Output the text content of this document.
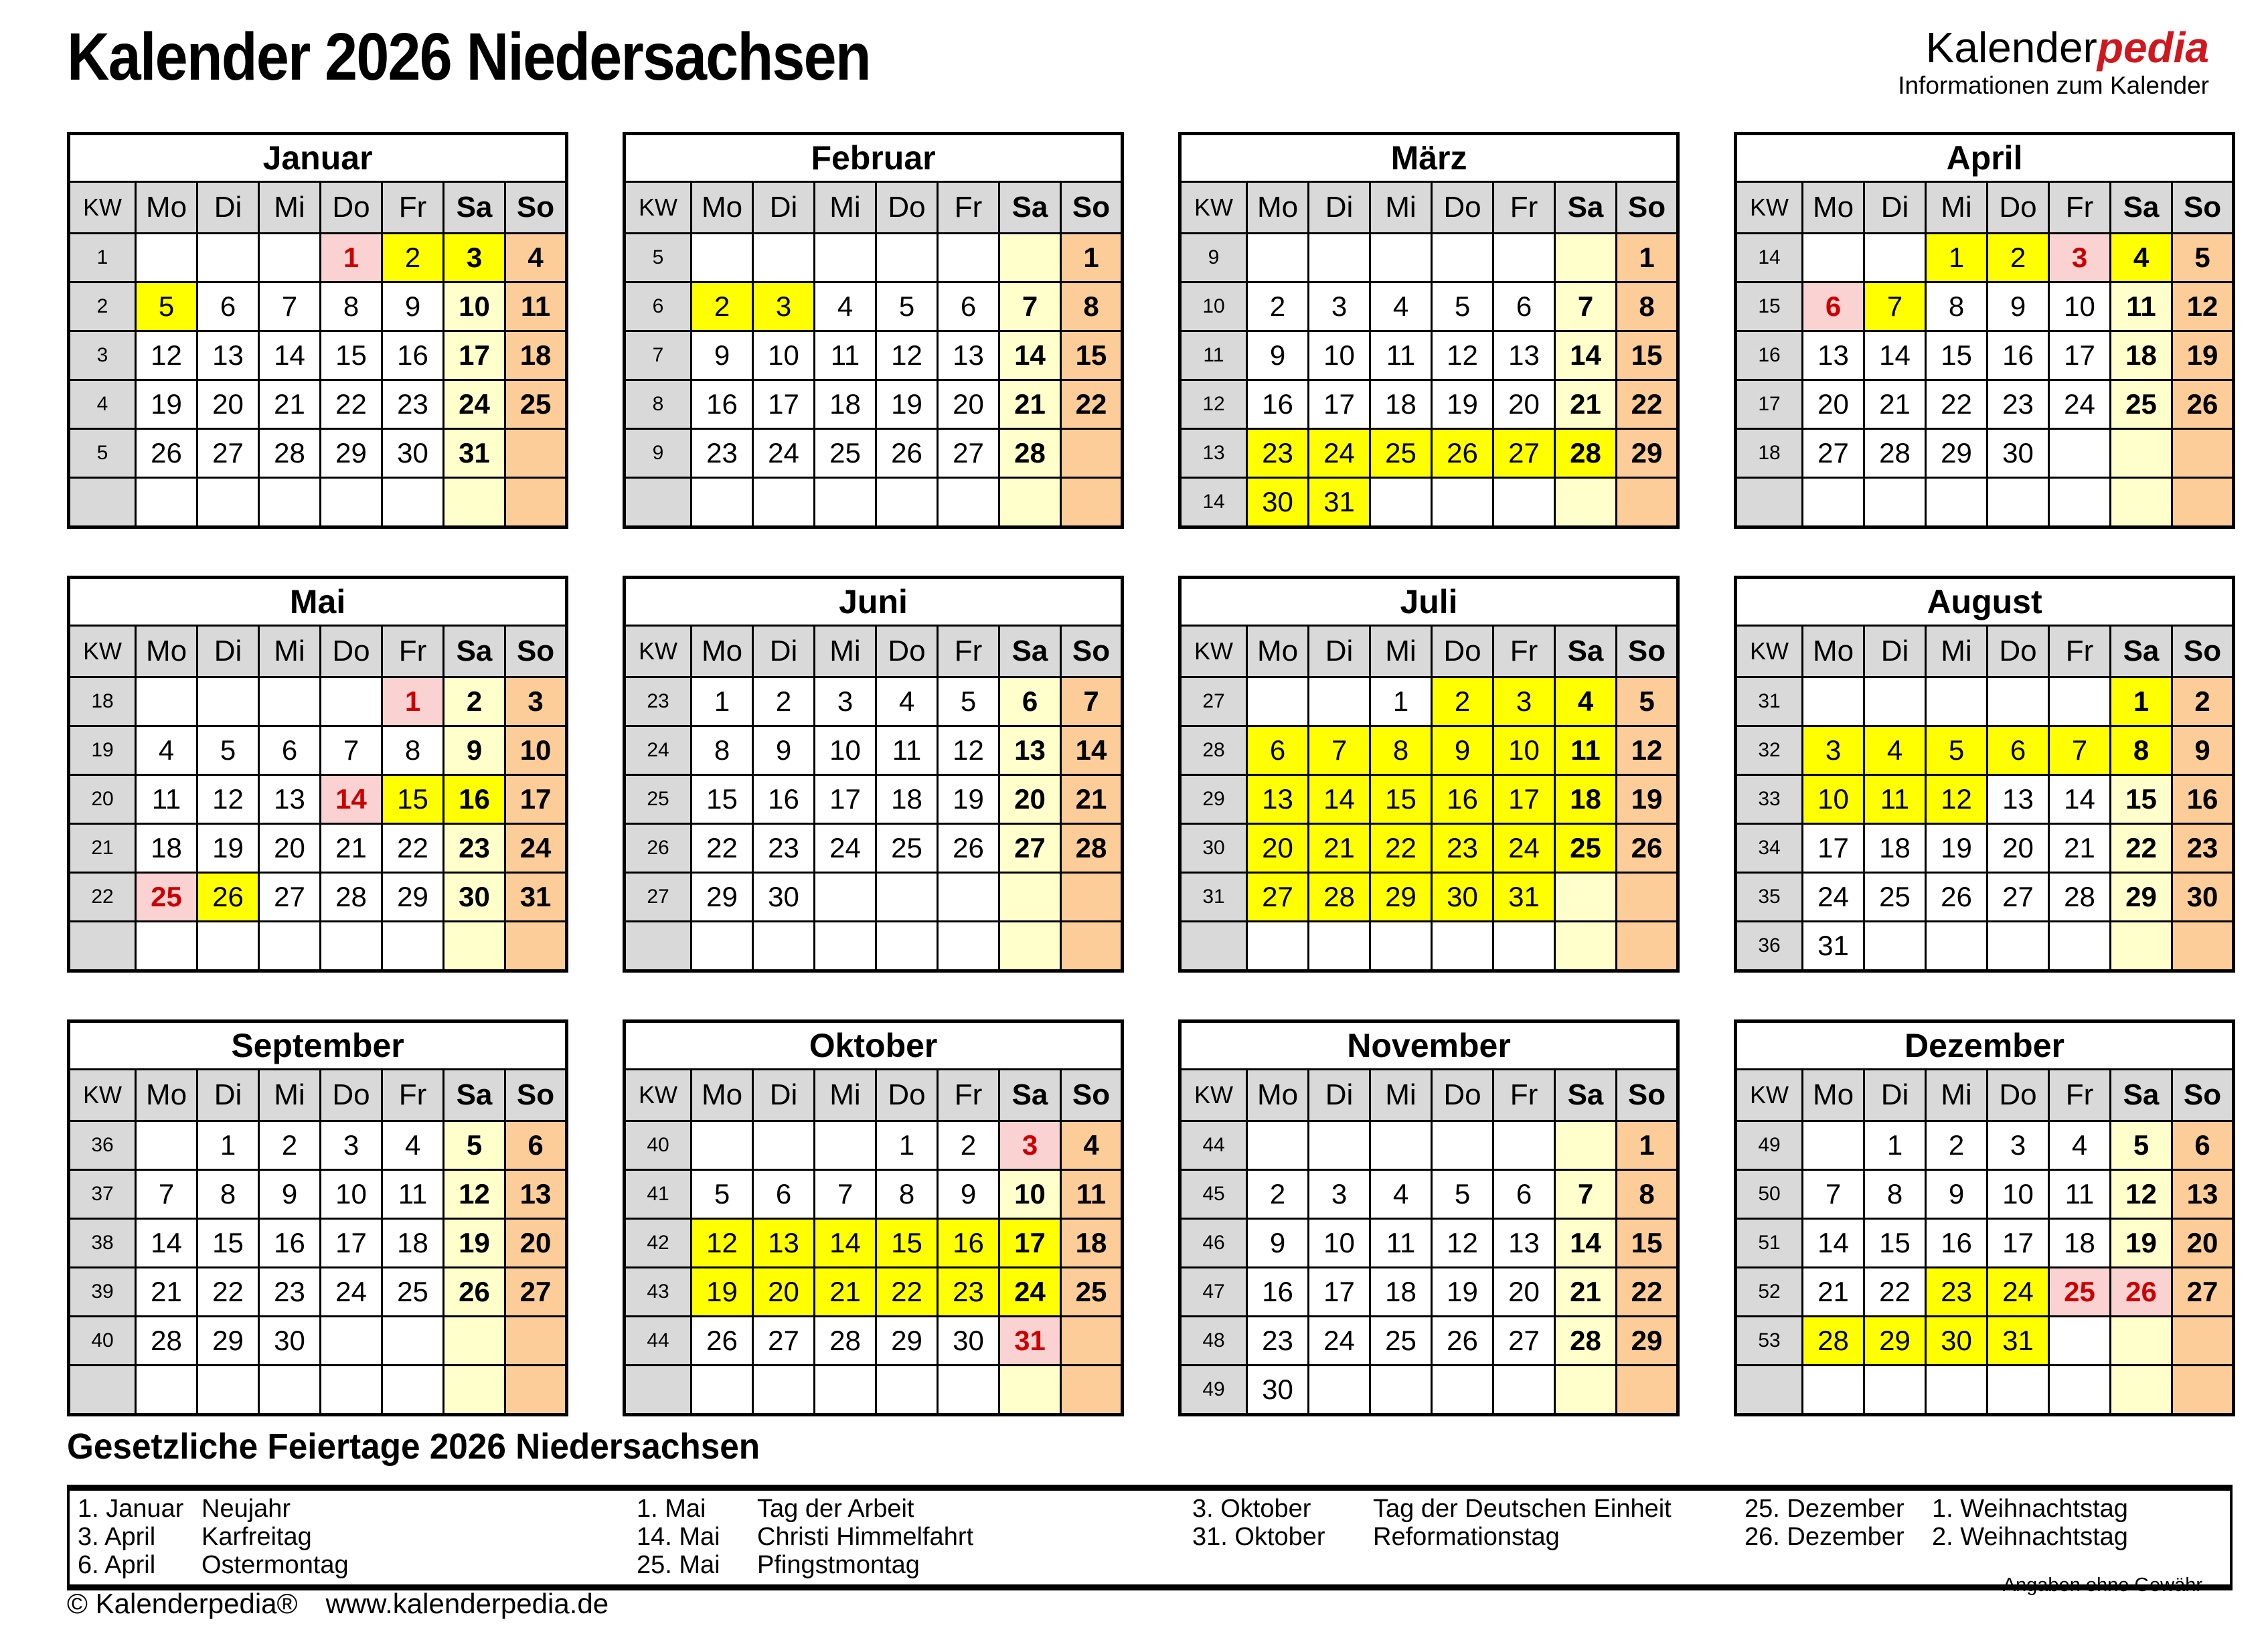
Kalender 2026 Niedersachsen	Kalenderpedia
Informationen zum Kalender
Januar							
KW	Mo	Di	Mi	Do	Fr	Sa	So
1				1	2	3	4
2	5	6	7	8	9	10	11
3	12	13	14	15	16	17	18
4	19	20	21	22	23	24	25
5	26	27	28	29	30	31	

Februar							
KW	Mo	Di	Mi	Do	Fr	Sa	So
5							1
6	2	3	4	5	6	7	8
7	9	10	11	12	13	14	15
8	16	17	18	19	20	21	22
9	23	24	25	26	27	28	

März							
KW	Mo	Di	Mi	Do	Fr	Sa	So
9							1
10	2	3	4	5	6	7	8
11	9	10	11	12	13	14	15
12	16	17	18	19	20	21	22
13	23	24	25	26	27	28	29
14	30	31					
April							
KW	Mo	Di	Mi	Do	Fr	Sa	So
14			1	2	3	4	5
15	6	7	8	9	10	11	12
16	13	14	15	16	17	18	19
17	20	21	22	23	24	25	26
18	27	28	29	30			

Mai							
KW	Mo	Di	Mi	Do	Fr	Sa	So
18					1	2	3
19	4	5	6	7	8	9	10
20	11	12	13	14	15	16	17
21	18	19	20	21	22	23	24
22	25	26	27	28	29	30	31

Juni							
KW	Mo	Di	Mi	Do	Fr	Sa	So
23	1	2	3	4	5	6	7
24	8	9	10	11	12	13	14
25	15	16	17	18	19	20	21
26	22	23	24	25	26	27	28
27	29	30					

Juli							
KW	Mo	Di	Mi	Do	Fr	Sa	So
27			1	2	3	4	5
28	6	7	8	9	10	11	12
29	13	14	15	16	17	18	19
30	20	21	22	23	24	25	26
31	27	28	29	30	31		

August							
KW	Mo	Di	Mi	Do	Fr	Sa	So
31						1	2
32	3	4	5	6	7	8	9
33	10	11	12	13	14	15	16
34	17	18	19	20	21	22	23
35	24	25	26	27	28	29	30
36	31						
September							
KW	Mo	Di	Mi	Do	Fr	Sa	So
36		1	2	3	4	5	6
37	7	8	9	10	11	12	13
38	14	15	16	17	18	19	20
39	21	22	23	24	25	26	27
40	28	29	30				

Oktober							
KW	Mo	Di	Mi	Do	Fr	Sa	So
40				1	2	3	4
41	5	6	7	8	9	10	11
42	12	13	14	15	16	17	18
43	19	20	21	22	23	24	25
44	26	27	28	29	30	31	

November							
KW	Mo	Di	Mi	Do	Fr	Sa	So
44							1
45	2	3	4	5	6	7	8
46	9	10	11	12	13	14	15
47	16	17	18	19	20	21	22
48	23	24	25	26	27	28	29
49	30						
Dezember							
KW	Mo	Di	Mi	Do	Fr	Sa	So
49		1	2	3	4	5	6
50	7	8	9	10	11	12	13
51	14	15	16	17	18	19	20
52	21	22	23	24	25	26	27
53	28	29	30	31			

Gesetzliche Feiertage 2026 Niedersachsen
1. Januar Neujahr	1. Mai	Tag der Arbeit	3. Oktober	Tag der Deutschen Einheit	25. Dezember	1. Weihnachtstag
3. April	Karfreitag	14. Mai	Christi Himmelfahrt	31. Oktober	Reformationstag	26. Dezember	2. Weihnachtstag
6. April	Ostermontag	25. Mai	Pfingstmontag
© Kalenderpedia® www.kalenderpedia.de
Angaben ohne Gewähr
